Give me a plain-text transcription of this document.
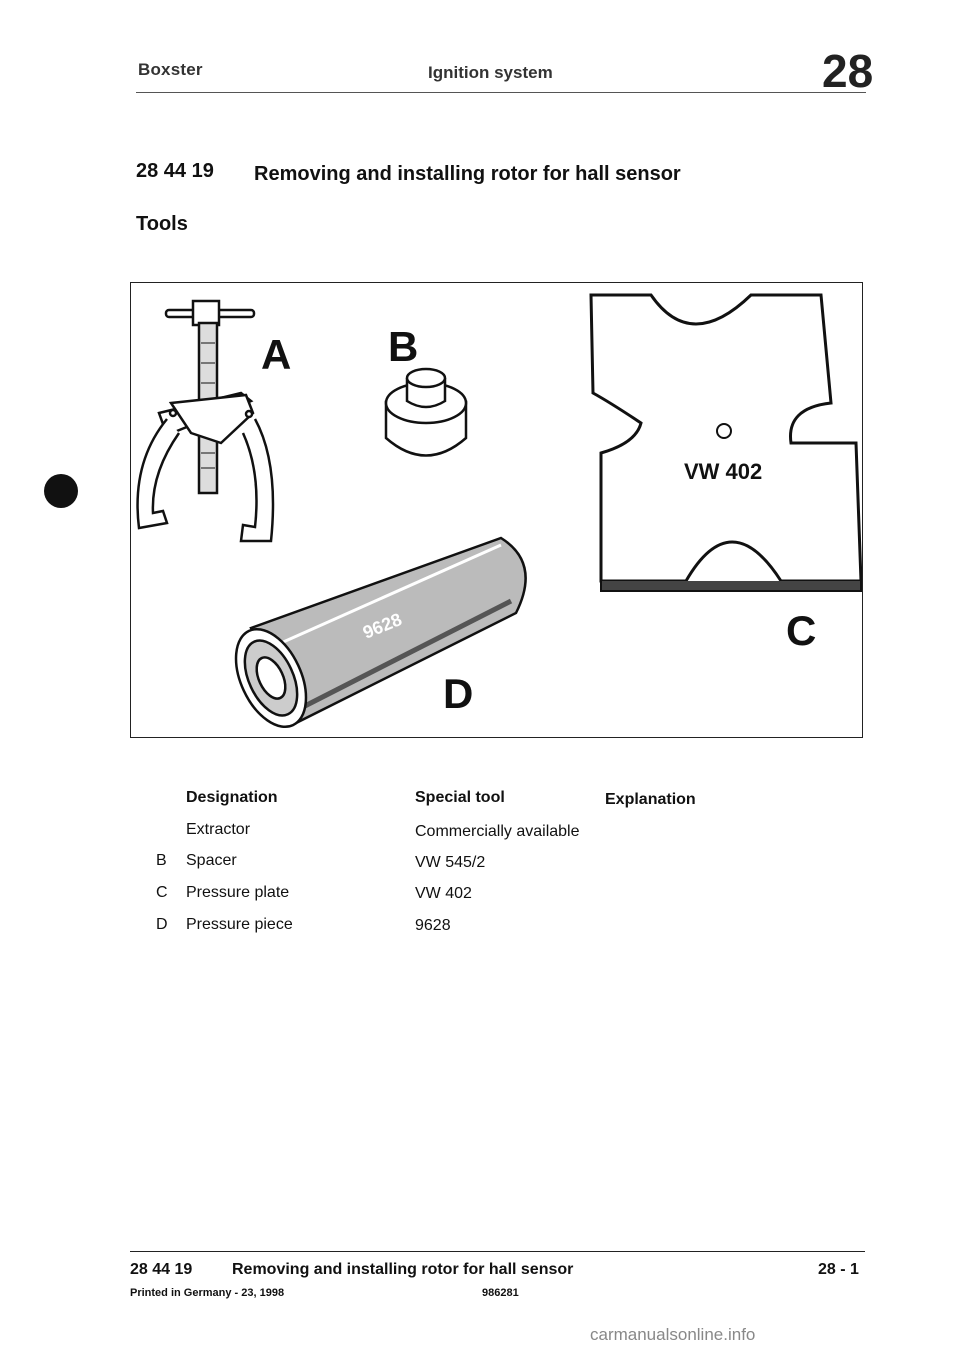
Boxster	Ignition system	28
28 44 19 Removing and installing rotor for hall sensor
Tools
A B
VW 402
C
9628
D
Designation	Special tool	Explanation
Extractor	Commercially available
B Spacer	VW 545/2
C Pressure plate	VW 402
D Pressure piece	9628
28 44 19 Removing and installing rotor for hall sensor	28 - 1
Printed in Germany - 23, 1998	986281
carmanualsonline.info
